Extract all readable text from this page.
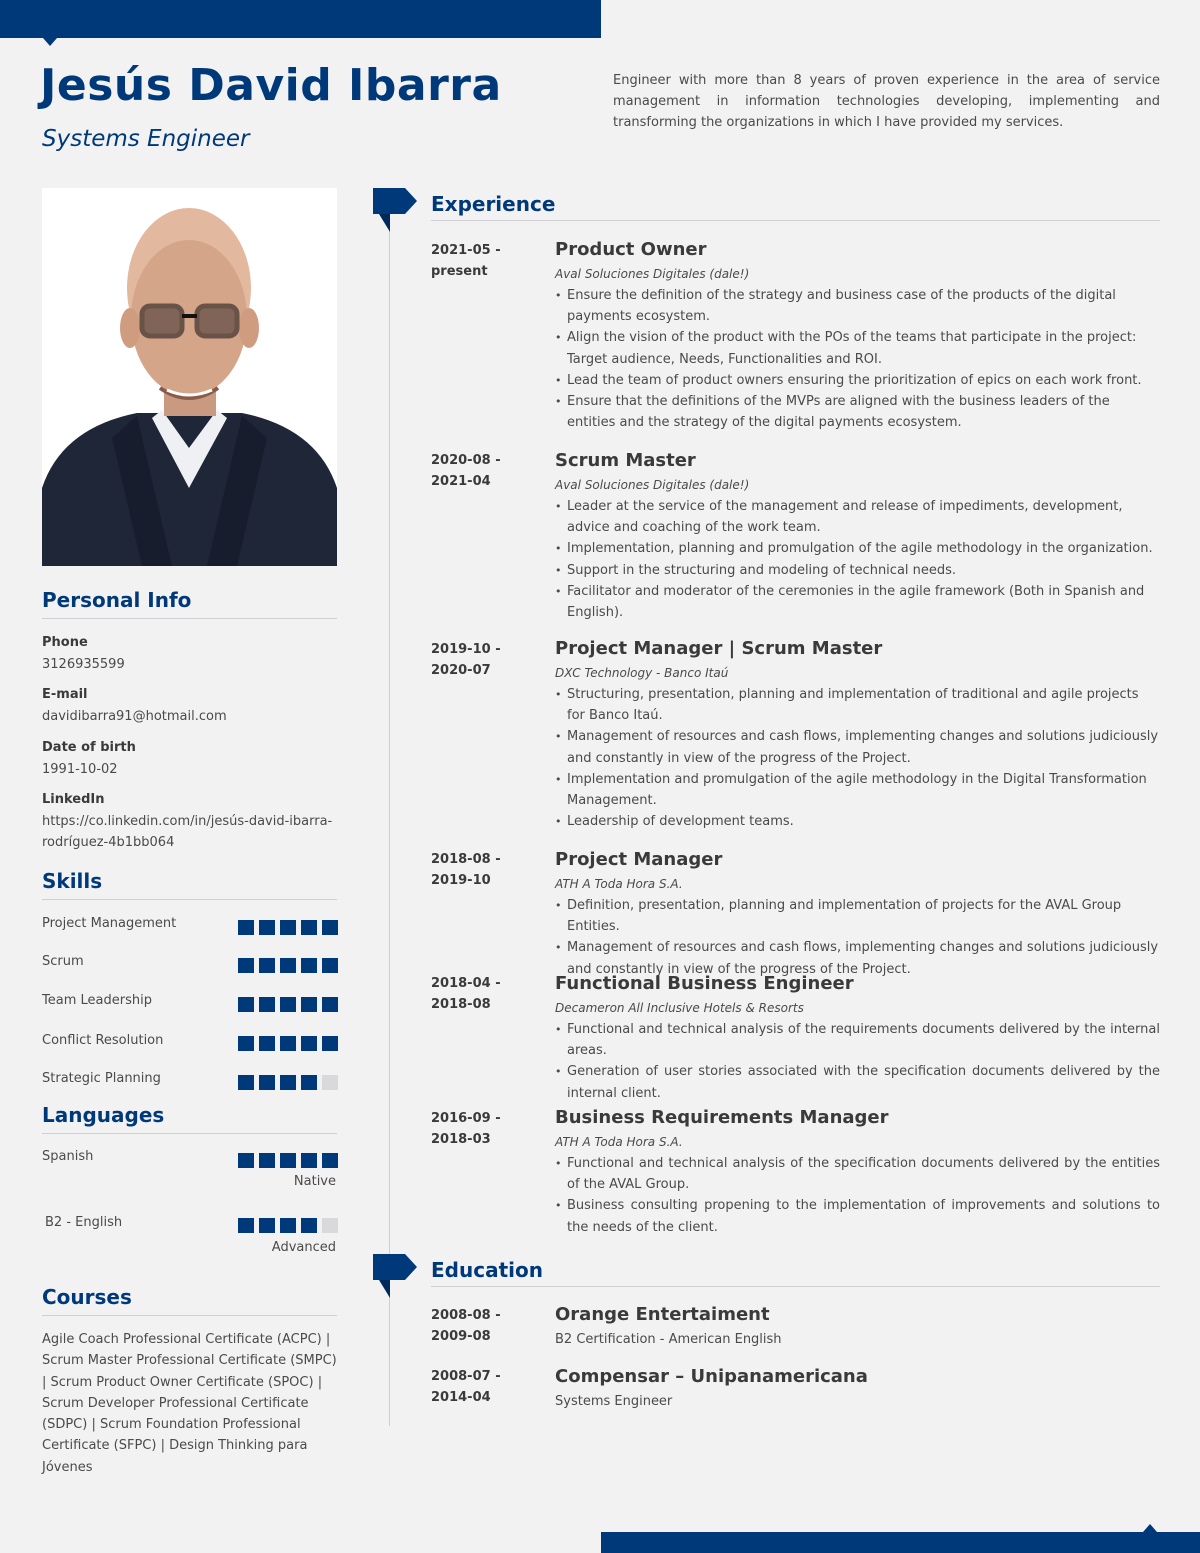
Jesús David Ibarra
Systems Engineer
Engineer with more than 8 years of proven experience in the area of service management in information technologies developing, implementing and transforming the organizations in which I have provided my services.
Personal Info
Phone
3126935599
E-mail
davidibarra91@hotmail.com
Date of birth
1991-10-02
LinkedIn
https://co.linkedin.com/in/jesús-david-ibarra-rodríguez-4b1bb064
Skills
Project Management
Scrum
Team Leadership
Conflict Resolution
Strategic Planning
Languages
Spanish
Native
B2 - English
Advanced
Courses
Agile Coach Professional Certificate (ACPC) | Scrum Master Professional Certificate (SMPC) | Scrum Product Owner Certificate (SPOC) | Scrum Developer Professional Certificate (SDPC) | Scrum Foundation Professional Certificate (SFPC) | Design Thinking para Jóvenes
Experience
2021-05 -
present
Product Owner
Aval Soluciones Digitales (dale!)
• Ensure the definition of the strategy and business case of the products of the digital payments ecosystem.
• Align the vision of the product with the POs of the teams that participate in the project: Target audience, Needs, Functionalities and ROI.
• Lead the team of product owners ensuring the prioritization of epics on each work front.
• Ensure that the definitions of the MVPs are aligned with the business leaders of the entities and the strategy of the digital payments ecosystem.
2020-08 -
2021-04
Scrum Master
Aval Soluciones Digitales (dale!)
• Leader at the service of the management and release of impediments, development, advice and coaching of the work team.
• Implementation, planning and promulgation of the agile methodology in the organization.
• Support in the structuring and modeling of technical needs.
• Facilitator and moderator of the ceremonies in the agile framework (Both in Spanish and English).
2019-10 -
2020-07
Project Manager | Scrum Master
DXC Technology - Banco Itaú
• Structuring, presentation, planning and implementation of traditional and agile projects for Banco Itaú.
• Management of resources and cash flows, implementing changes and solutions judiciously and constantly in view of the progress of the Project.
• Implementation and promulgation of the agile methodology in the Digital Transformation Management.
• Leadership of development teams.
2018-08 -
2019-10
Project Manager
ATH A Toda Hora S.A.
• Definition, presentation, planning and implementation of projects for the AVAL Group Entities.
• Management of resources and cash flows, implementing changes and solutions judiciously and constantly in view of the progress of the Project.
2018-04 -
2018-08
Functional Business Engineer
Decameron All Inclusive Hotels & Resorts
• Functional and technical analysis of the requirements documents delivered by the internal areas.
• Generation of user stories associated with the specification documents delivered by the internal client.
2016-09 -
2018-03
Business Requirements Manager
ATH A Toda Hora S.A.
• Functional and technical analysis of the specification documents delivered by the entities of the AVAL Group.
• Business consulting propening to the implementation of improvements and solutions to the needs of the client.
Education
2008-08 -
2009-08
Orange Entertaiment
B2 Certification - American English
2008-07 -
2014-04
Compensar – Unipanamericana
Systems Engineer
